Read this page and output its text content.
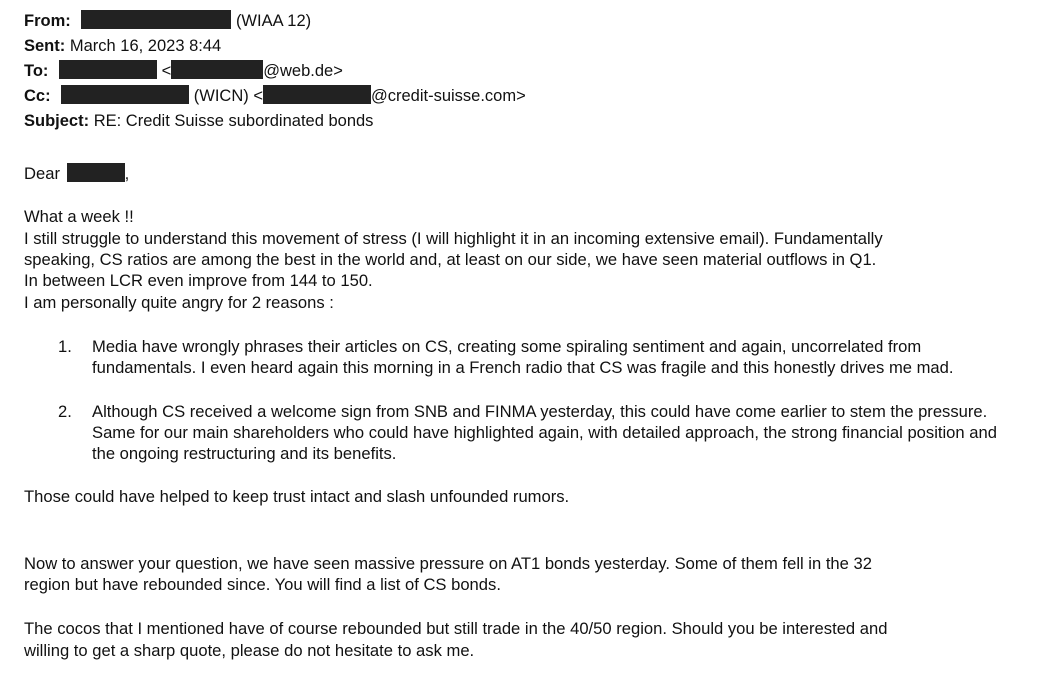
From:	(WIAA 12)
Sent: March 16, 2023 8:44
To:	<	@web.de>
Cc:	(WICN) <	@credit-suisse.com>
Subject: RE: Credit Suisse subordinated bonds
Dear	,
What a week !!
I still struggle to understand this movement of stress (I will highlight it in an incoming extensive email). Fundamentally
speaking, CS ratios are among the best in the world and, at least on our side, we have seen material outflows in Q1.
In between LCR even improve from 144 to 150.
I am personally quite angry for 2 reasons :
1. Media have wrongly phrases their articles on CS, creating some spiraling sentiment and again, uncorrelated from fundamentals. I even heard again this morning in a French radio that CS was fragile and this honestly drives me mad.
2. Although CS received a welcome sign from SNB and FINMA yesterday, this could have come earlier to stem the pressure. Same for our main shareholders who could have highlighted again, with detailed approach, the strong financial position and the ongoing restructuring and its benefits.
Those could have helped to keep trust intact and slash unfounded rumors.
Now to answer your question, we have seen massive pressure on AT1 bonds yesterday. Some of them fell in the 32
region but have rebounded since. You will find a list of CS bonds.
The cocos that I mentioned have of course rebounded but still trade in the 40/50 region. Should you be interested and
willing to get a sharp quote, please do not hesitate to ask me.
